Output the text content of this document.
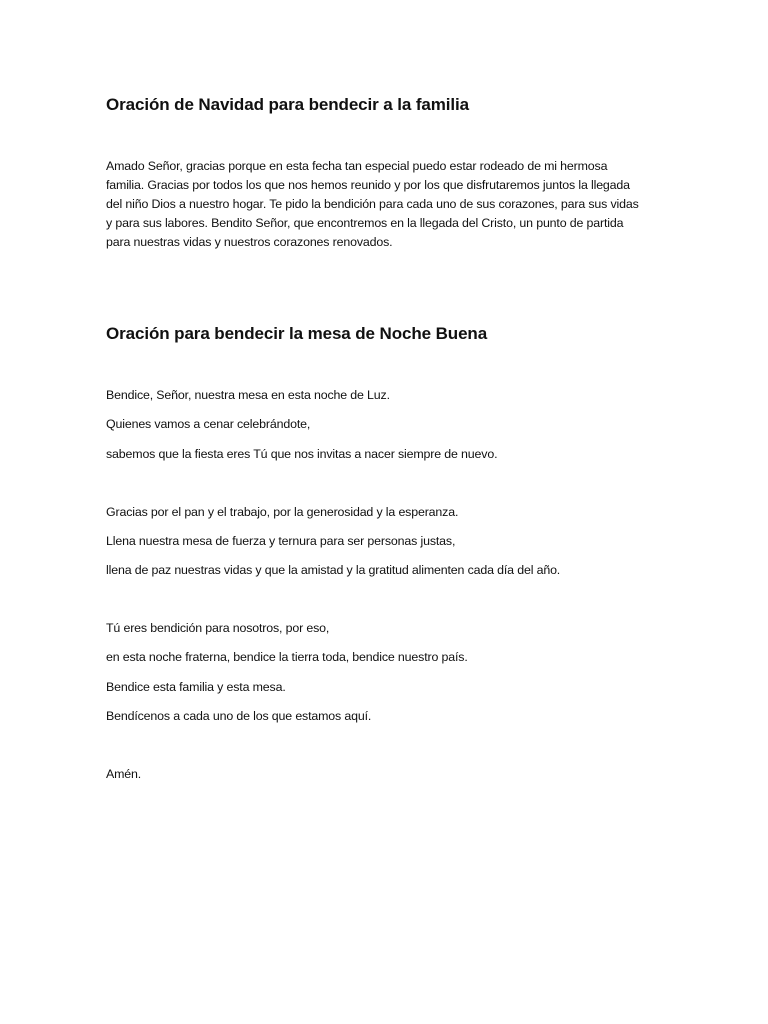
Oración de Navidad para bendecir a la familia
Amado Señor, gracias porque en esta fecha tan especial puedo estar rodeado de mi hermosa
familia. Gracias por todos los que nos hemos reunido y por los que disfrutaremos juntos la llegada
del niño Dios a nuestro hogar. Te pido la bendición para cada uno de sus corazones, para sus vidas
y para sus labores. Bendito Señor, que encontremos en la llegada del Cristo, un punto de partida
para nuestras vidas y nuestros corazones renovados.
Oración para bendecir la mesa de Noche Buena

Bendice, Señor, nuestra mesa en esta noche de Luz.

Quienes vamos a cenar celebrándote,

sabemos que la fiesta eres Tú que nos invitas a nacer siempre de nuevo.

Gracias por el pan y el trabajo, por la generosidad y la esperanza.

Llena nuestra mesa de fuerza y ternura para ser personas justas,

llena de paz nuestras vidas y que la amistad y la gratitud alimenten cada día del año.

Tú eres bendición para nosotros, por eso,

en esta noche fraterna, bendice la tierra toda, bendice nuestro país.

Bendice esta familia y esta mesa.

Bendícenos a cada uno de los que estamos aquí.

Amén.
